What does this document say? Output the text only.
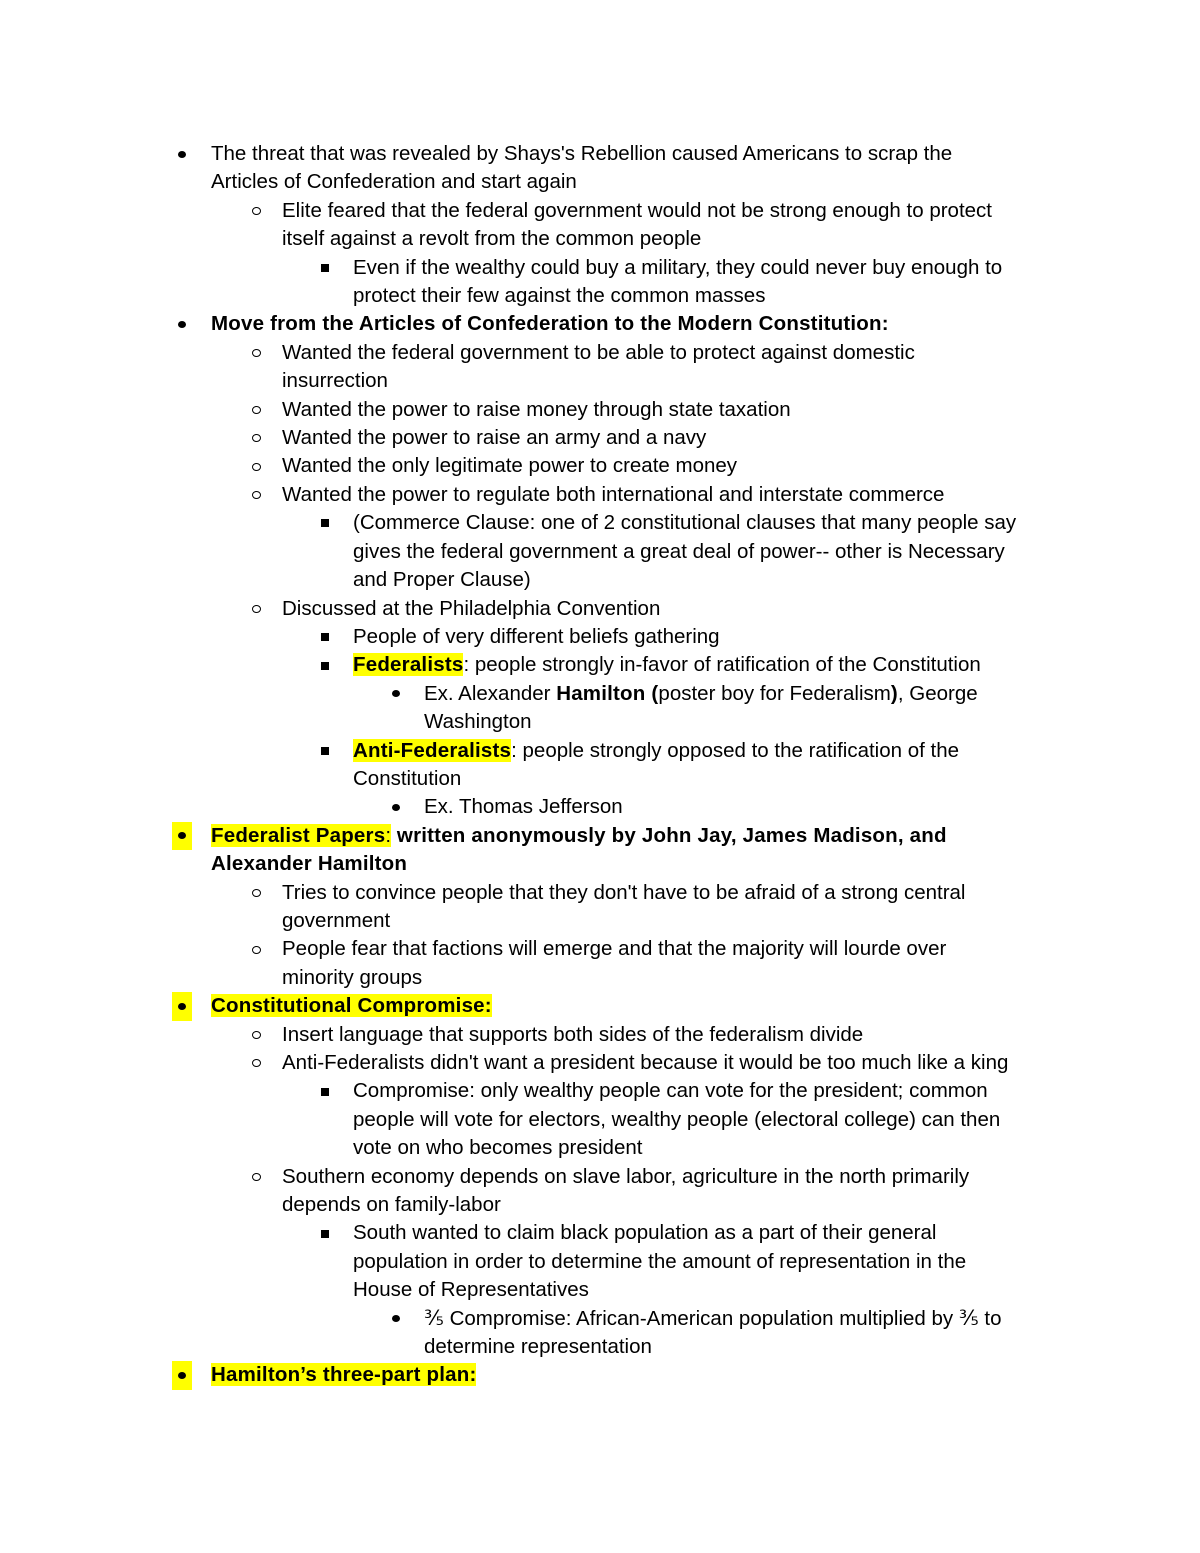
The threat that was revealed by Shays's Rebellion caused Americans to scrap the
Articles of Confederation and start again
Elite feared that the federal government would not be strong enough to protect
itself against a revolt from the common people
Even if the wealthy could buy a military, they could never buy enough to
protect their few against the common masses
Move from the Articles of Confederation to the Modern Constitution:
Wanted the federal government to be able to protect against domestic
insurrection
Wanted the power to raise money through state taxation
Wanted the power to raise an army and a navy
Wanted the only legitimate power to create money
Wanted the power to regulate both international and interstate commerce
(Commerce Clause: one of 2 constitutional clauses that many people say
gives the federal government a great deal of power-- other is Necessary
and Proper Clause)
Discussed at the Philadelphia Convention
People of very different beliefs gathering
Federalists: people strongly in-favor of ratification of the Constitution
Ex. Alexander Hamilton (poster boy for Federalism), George
Washington
Anti-Federalists: people strongly opposed to the ratification of the
Constitution
Ex. Thomas Jefferson
Federalist Papers: written anonymously by John Jay, James Madison, and
Alexander Hamilton
Tries to convince people that they don't have to be afraid of a strong central
government
People fear that factions will emerge and that the majority will lourde over
minority groups
Constitutional Compromise:
Insert language that supports both sides of the federalism divide
Anti-Federalists didn't want a president because it would be too much like a king
Compromise: only wealthy people can vote for the president; common
people will vote for electors, wealthy people (electoral college) can then
vote on who becomes president
Southern economy depends on slave labor, agriculture in the north primarily
depends on family-labor
South wanted to claim black population as a part of their general
population in order to determine the amount of representation in the
House of Representatives
⅗ Compromise: African-American population multiplied by ⅗ to
determine representation
Hamilton’s three-part plan:
